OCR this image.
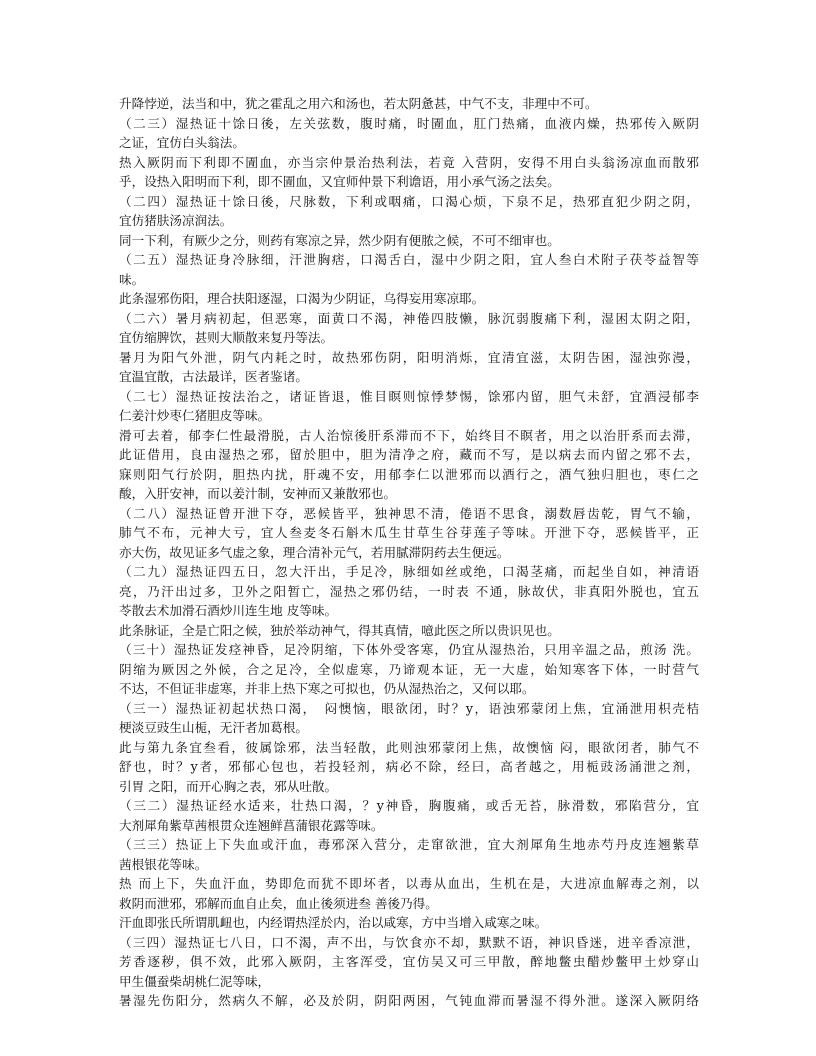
升降悖逆，法当和中，犹之霍乱之用六和汤也，若太阴惫甚，中气不支，非理中不可。
（二三）湿热证十馀日後，左关弦数，腹时痛，时圊血，肛门热痛，血液内燥，热邪传入厥阴
之证，宜仿白头翁法。
热入厥阴而下利即不圊血，亦当宗仲景治热利法，若竟 入营阴，安得不用白头翁汤凉血而散邪
乎，设热入阳明而下利，即不圊血，又宜师仲景下利谵语，用小承气汤之法矣。
（二四）湿热证十馀日後，尺脉数，下利或咽痛，口渴心烦，下泉不足，热邪直犯少阴之阴，
宜仿猪肤汤凉润法。
同一下利，有厥少之分，则药有寒凉之异，然少阴有便脓之候，不可不细审也。
（二五）湿热证身冷脉细，汗泄胸痞，口渴舌白，湿中少阴之阳，宜人叁白术附子茯苓益智等
味。
此条湿邪伤阳，理合扶阳逐湿，口渴为少阴证，乌得妄用寒凉耶。
（二六）暑月病初起，但恶寒，面黄口不渴，神倦四肢懒，脉沉弱腹痛下利，湿困太阴之阳，
宜仿缩脾饮，甚则大顺散来复丹等法。
暑月为阳气外泄，阴气内耗之时，故热邪伤阴，阳明消烁，宜清宜滋，太阴告困，湿浊弥漫，
宜温宜散，古法最详，医者鉴诸。
（二七）湿热证按法治之，诸证皆退，惟目瞑则惊悸梦惕，馀邪内留，胆气未舒，宜酒浸郁李
仁姜汁炒枣仁猪胆皮等味。
滑可去着，郁李仁性最滑脱，古人治惊後肝系滞而不下，始终目不瞑者，用之以治肝系而去滞，
此证借用，良由湿热之邪，留於胆中，胆为清净之府，藏而不写，是以病去而内留之邪不去，
寐则阳气行於阴，胆热内扰，肝魂不安，用郁李仁以泄邪而以酒行之，酒气独归胆也，枣仁之
酸，入肝安神，而以姜汁制，安神而又兼散邪也。
（二八）湿热证曾开泄下夺，恶候皆平，独神思不清，倦语不思食，溺数唇齿乾，胃气不输，
肺气不布，元神大亏，宜人叁麦冬石斛木瓜生甘草生谷芽莲子等味。开泄下夺，恶候皆平，正
亦大伤，故见证多气虚之象，理合清补元气，若用腻滞阴药去生便远。
（二九）湿热证四五日，忽大汗出，手足冷，脉细如丝或绝，口渴茎痛，而起坐自如，神清语
亮，乃汗出过多，卫外之阳暂亡，湿热之邪仍结，一时表 不通，脉故伏，非真阳外脱也，宜五
苓散去术加滑石酒炒川连生地 皮等味。
此条脉证，全是亡阳之候，独於举动神气，得其真情，噫此医之所以贵识见也。
（三十）湿热证发痉神昏，足冷阴缩，下体外受客寒，仍宜从湿热治，只用辛温之品，煎汤 洗。
阴缩为厥因之外候，合之足冷，全似虚寒，乃谛观本证，无一大虚，始知寒客下体，一时营气
不达，不但证非虚寒，并非上热下寒之可拟也，仍从湿热治之，又何以耶。
（三一）湿热证初起状热口渴，　闷懊恼，眼欲闭，时？y，语浊邪蒙闭上焦，宜涌泄用枳壳桔
梗淡豆豉生山栀，无汗者加葛根。
此与第九条宜叁看，彼属馀邪，法当轻散，此则浊邪蒙闭上焦，故懊恼 闷，眼欲闭者，肺气不
舒也，时？y者，邪郁心包也，若投轻剂，病必不除，经曰，高者越之，用栀豉汤涌泄之剂，
引胃 之阳，而开心胸之表，邪从吐散。
（三二）湿热证经水适来，壮热口渴，？y神昏，胸腹痛，或舌无苔，脉滑数，邪陷营分，宜
大剂犀角紫草茜根贯众连翘鲜菖蒲银花露等味。
（三三）热证上下失血或汗血，毒邪深入营分，走窜欲泄，宜大剂犀角生地赤芍丹皮连翘紫草
茜根银花等味。
热 而上下，失血汗血，势即危而犹不即坏者，以毒从血出，生机在是，大进凉血解毒之剂，以
救阴而泄邪，邪解而血自止矣，血止後须进叁 善後乃得。
汗血即张氏所谓肌衄也，内经谓热淫於内，治以咸寒，方中当增入咸寒之味。
（三四）湿热证七八日，口不渴，声不出，与饮食亦不却，默默不语，神识昏迷，进辛香凉泄，
芳香逐秽，俱不效，此邪入厥阴，主客浑受，宜仿吴又可三甲散，醉地鳖虫醋炒鳖甲土炒穿山
甲生僵蚕柴胡桃仁泥等味，
暑湿先伤阳分，然病久不解，必及於阴，阴阳两困，气钝血滞而暑湿不得外泄。遂深入厥阴络
